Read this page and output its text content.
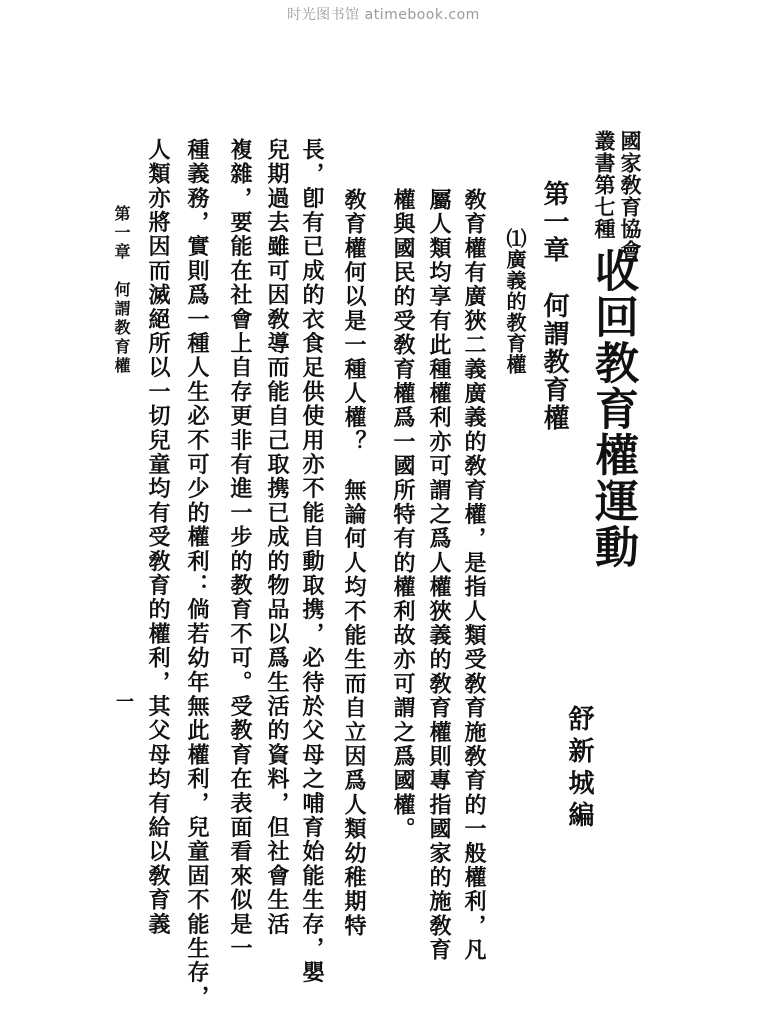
时光图书馆 atimebook.com
國家敎育協會
叢書第七種
收回教育權運動
舒新城編
第一章　何謂教育權
⑴廣義的教育權
敎育權有廣狹二義廣義的敎育權，是指人類受敎育施敎育的一般權利，凡
屬人類均享有此種權利亦可謂之爲人權狹義的敎育權則專指國家的施敎育
權與國民的受敎育權爲一國所特有的權利故亦可謂之爲國權。
敎育權何以是一種人權？　無論何人均不能生而自立因爲人類幼稚期特
長，卽有已成的衣食足供使用亦不能自動取携，必待於父母之哺育始能生存，嬰
兒期過去雖可因敎導而能自己取携已成的物品以爲生活的資料，但社會生活
複雜，要能在社會上自存更非有進一步的教育不可。受教育在表面看來似是一
種義務，實則爲一種人生必不可少的權利：倘若幼年無此權利，兒童固不能生存，
人類亦將因而滅絕所以一切兒童均有受敎育的權利，其父母均有給以敎育義
第一章　何謂教育權
一
